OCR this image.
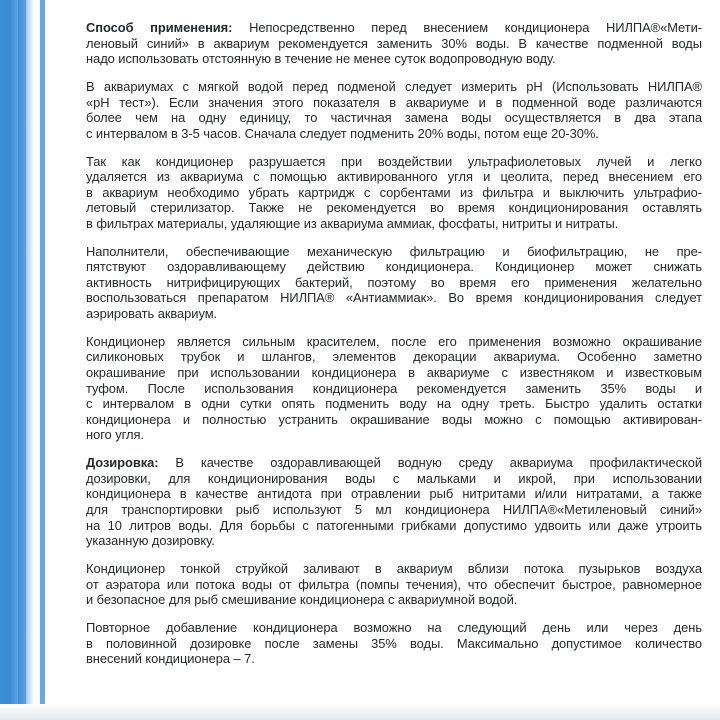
Способ применения: Непосредственно перед внесением кондиционера НИЛПА®«Мети-
леновый синий» в аквариум рекомендуется заменить 30% воды. В качестве подменной воды
надо использовать отстоянную в течение не менее суток водопроводную воду.
В аквариумах с мягкой водой перед подменой следует измерить pH (Использовать НИЛПА®
«pH тест»). Если значения этого показателя в аквариуме и в подменной воде различаются
более чем на одну единицу, то частичная замена воды осуществляется в два этапа
с интервалом в 3-5 часов. Сначала следует подменить 20% воды, потом еще 20-30%.
Так как кондиционер разрушается при воздействии ультрафиолетовых лучей и легко
удаляется из аквариума с помощью активированного угля и цеолита, перед внесением его
в аквариум необходимо убрать картридж с сорбентами из фильтра и выключить ультрафио-
летовый стерилизатор. Также не рекомендуется во время кондиционирования оставлять
в фильтрах материалы, удаляющие из аквариума аммиак, фосфаты, нитриты и нитраты.
Наполнители, обеспечивающие механическую фильтрацию и биофильтрацию, не пре-
пятствуют оздоравливающему действию кондиционера. Кондиционер может снижать
активность нитрифицирующих бактерий, поэтому во время его применения желательно
воспользоваться препаратом НИЛПА® «Антиаммиак». Во время кондиционирования следует
аэрировать аквариум.
Кондиционер является сильным красителем, после его применения возможно окрашивание
силиконовых трубок и шлангов, элементов декорации аквариума. Особенно заметно
окрашивание при использовании кондиционера в аквариуме с известняком и известковым
туфом. После использования кондиционера рекомендуется заменить 35% воды и
с интервалом в одни сутки опять подменить воду на одну треть. Быстро удалить остатки
кондиционера и полностью устранить окрашивание воды можно с помощью активирован-
ного угля.
Дозировка: В качестве оздоравливающей водную среду аквариума профилактической
дозировки, для кондиционирования воды с мальками и икрой, при использовании
кондиционера в качестве антидота при отравлении рыб нитритами и/или нитратами, а также
для транспортировки рыб используют 5 мл кондиционера НИЛПА®«Метиленовый синий»
на 10 литров воды. Для борьбы с патогенными грибками допустимо удвоить или даже утроить
указанную дозировку.
Кондиционер тонкой струйкой заливают в аквариум вблизи потока пузырьков воздуха
от аэратора или потока воды от фильтра (помпы течения), что обеспечит быстрое, равномерное
и безопасное для рыб смешивание кондиционера с аквариумной водой.
Повторное добавление кондиционера возможно на следующий день или через день
в половинной дозировке после замены 35% воды. Максимально допустимое количество
внесений кондиционера – 7.
